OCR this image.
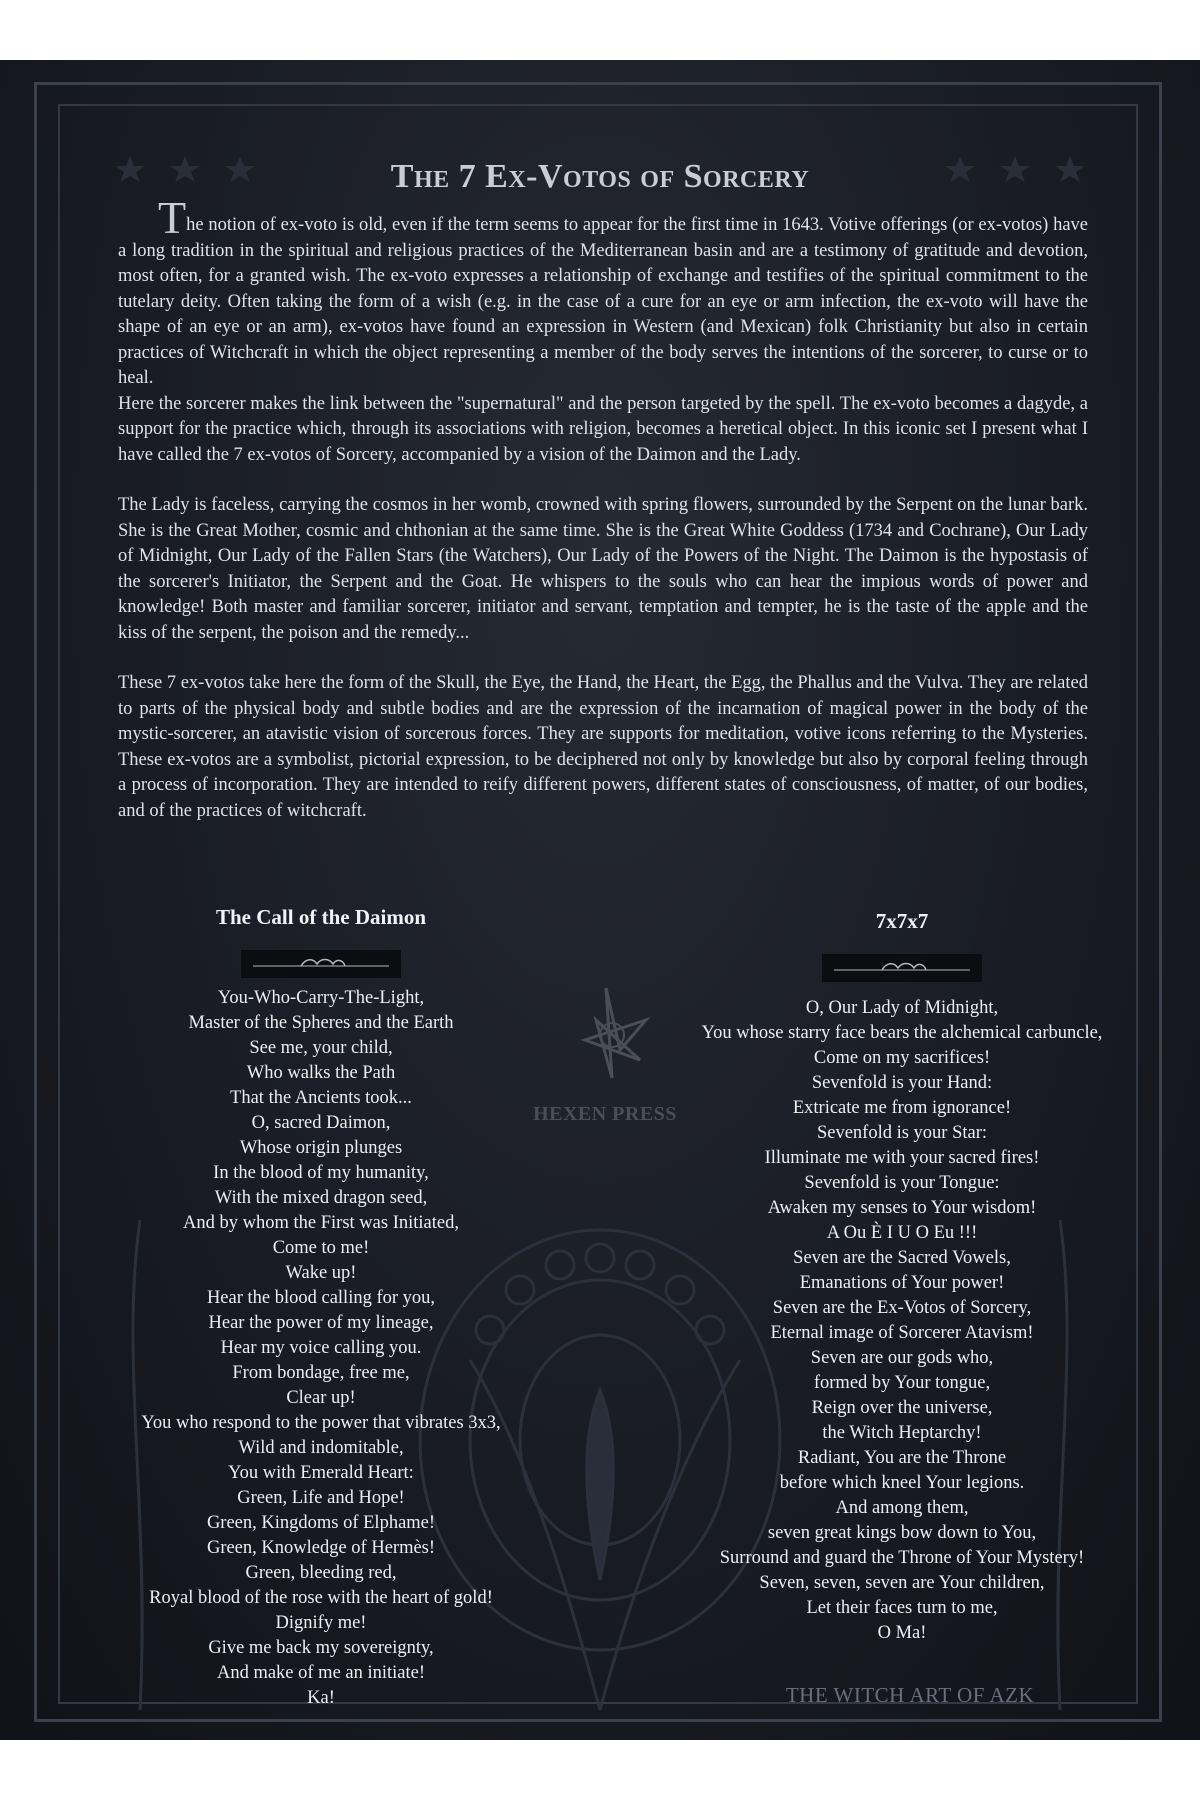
The 7 Ex-Votos of Sorcery

The notion of ex-voto is old, even if the term seems to appear for the first time in 1643. Votive offerings (or ex-votos) have a long tradition in the spiritual and religious practices of the Mediterranean basin and are a testimony of gratitude and devotion, most often, for a granted wish. The ex-voto expresses a relationship of exchange and testifies of the spiritual commitment to the tutelary deity. Often taking the form of a wish (e.g. in the case of a cure for an eye or arm infection, the ex-voto will have the shape of an eye or an arm), ex-votos have found an expression in Western (and Mexican) folk Christianity but also in certain practices of Witchcraft in which the object representing a member of the body serves the intentions of the sorcerer, to curse or to heal.

Here the sorcerer makes the link between the "supernatural" and the person targeted by the spell. The ex-voto becomes a dagyde, a support for the practice which, through its associations with religion, becomes a heretical object. In this iconic set I present what I have called the 7 ex-votos of Sorcery, accompanied by a vision of the Daimon and the Lady.

The Lady is faceless, carrying the cosmos in her womb, crowned with spring flowers, surrounded by the Serpent on the lunar bark. She is the Great Mother, cosmic and chthonian at the same time. She is the Great White Goddess (1734 and Cochrane), Our Lady of Midnight, Our Lady of the Fallen Stars (the Watchers), Our Lady of the Powers of the Night. The Daimon is the hypostasis of the sorcerer's Initiator, the Serpent and the Goat. He whispers to the souls who can hear the impious words of power and knowledge! Both master and familiar sorcerer, initiator and servant, temptation and tempter, he is the taste of the apple and the kiss of the serpent, the poison and the remedy...

These 7 ex-votos take here the form of the Skull, the Eye, the Hand, the Heart, the Egg, the Phallus and the Vulva. They are related to parts of the physical body and subtle bodies and are the expression of the incarnation of magical power in the body of the mystic-sorcerer, an atavistic vision of sorcerous forces. They are supports for meditation, votive icons referring to the Mysteries. These ex-votos are a symbolist, pictorial expression, to be deciphered not only by knowledge but also by corporal feeling through a process of incorporation. They are intended to reify different powers, different states of consciousness, of matter, of our bodies, and of the practices of witchcraft.

HEXEN PRESS
The Call of the Daimon
You-Who-Carry-The-Light,
Master of the Spheres and the Earth
See me, your child,
Who walks the Path
That the Ancients took...
O, sacred Daimon,
Whose origin plunges
In the blood of my humanity,
With the mixed dragon seed,
And by whom the First was Initiated,
Come to me!
Wake up!
Hear the blood calling for you,
Hear the power of my lineage,
Hear my voice calling you.
From bondage, free me,
Clear up!
You who respond to the power that vibrates 3x3,
Wild and indomitable,
You with Emerald Heart:
Green, Life and Hope!
Green, Kingdoms of Elphame!
Green, Knowledge of Hermès!
Green, bleeding red,
Royal blood of the rose with the heart of gold!
Dignify me!
Give me back my sovereignty,
And make of me an initiate!
Ka!
7x7x7
O, Our Lady of Midnight,
You whose starry face bears the alchemical carbuncle,
Come on my sacrifices!
Sevenfold is your Hand:
Extricate me from ignorance!
Sevenfold is your Star:
Illuminate me with your sacred fires!
Sevenfold is your Tongue:
Awaken my senses to Your wisdom!
A Ou È I U O Eu !!!
Seven are the Sacred Vowels,
Emanations of Your power!
Seven are the Ex-Votos of Sorcery,
Eternal image of Sorcerer Atavism!
Seven are our gods who,
formed by Your tongue,
Reign over the universe,
the Witch Heptarchy!
Radiant, You are the Throne
before which kneel Your legions.
And among them,
seven great kings bow down to You,
Surround and guard the Throne of Your Mystery!
Seven, seven, seven are Your children,
Let their faces turn to me,
O Ma!
THE WITCH ART OF AZK
